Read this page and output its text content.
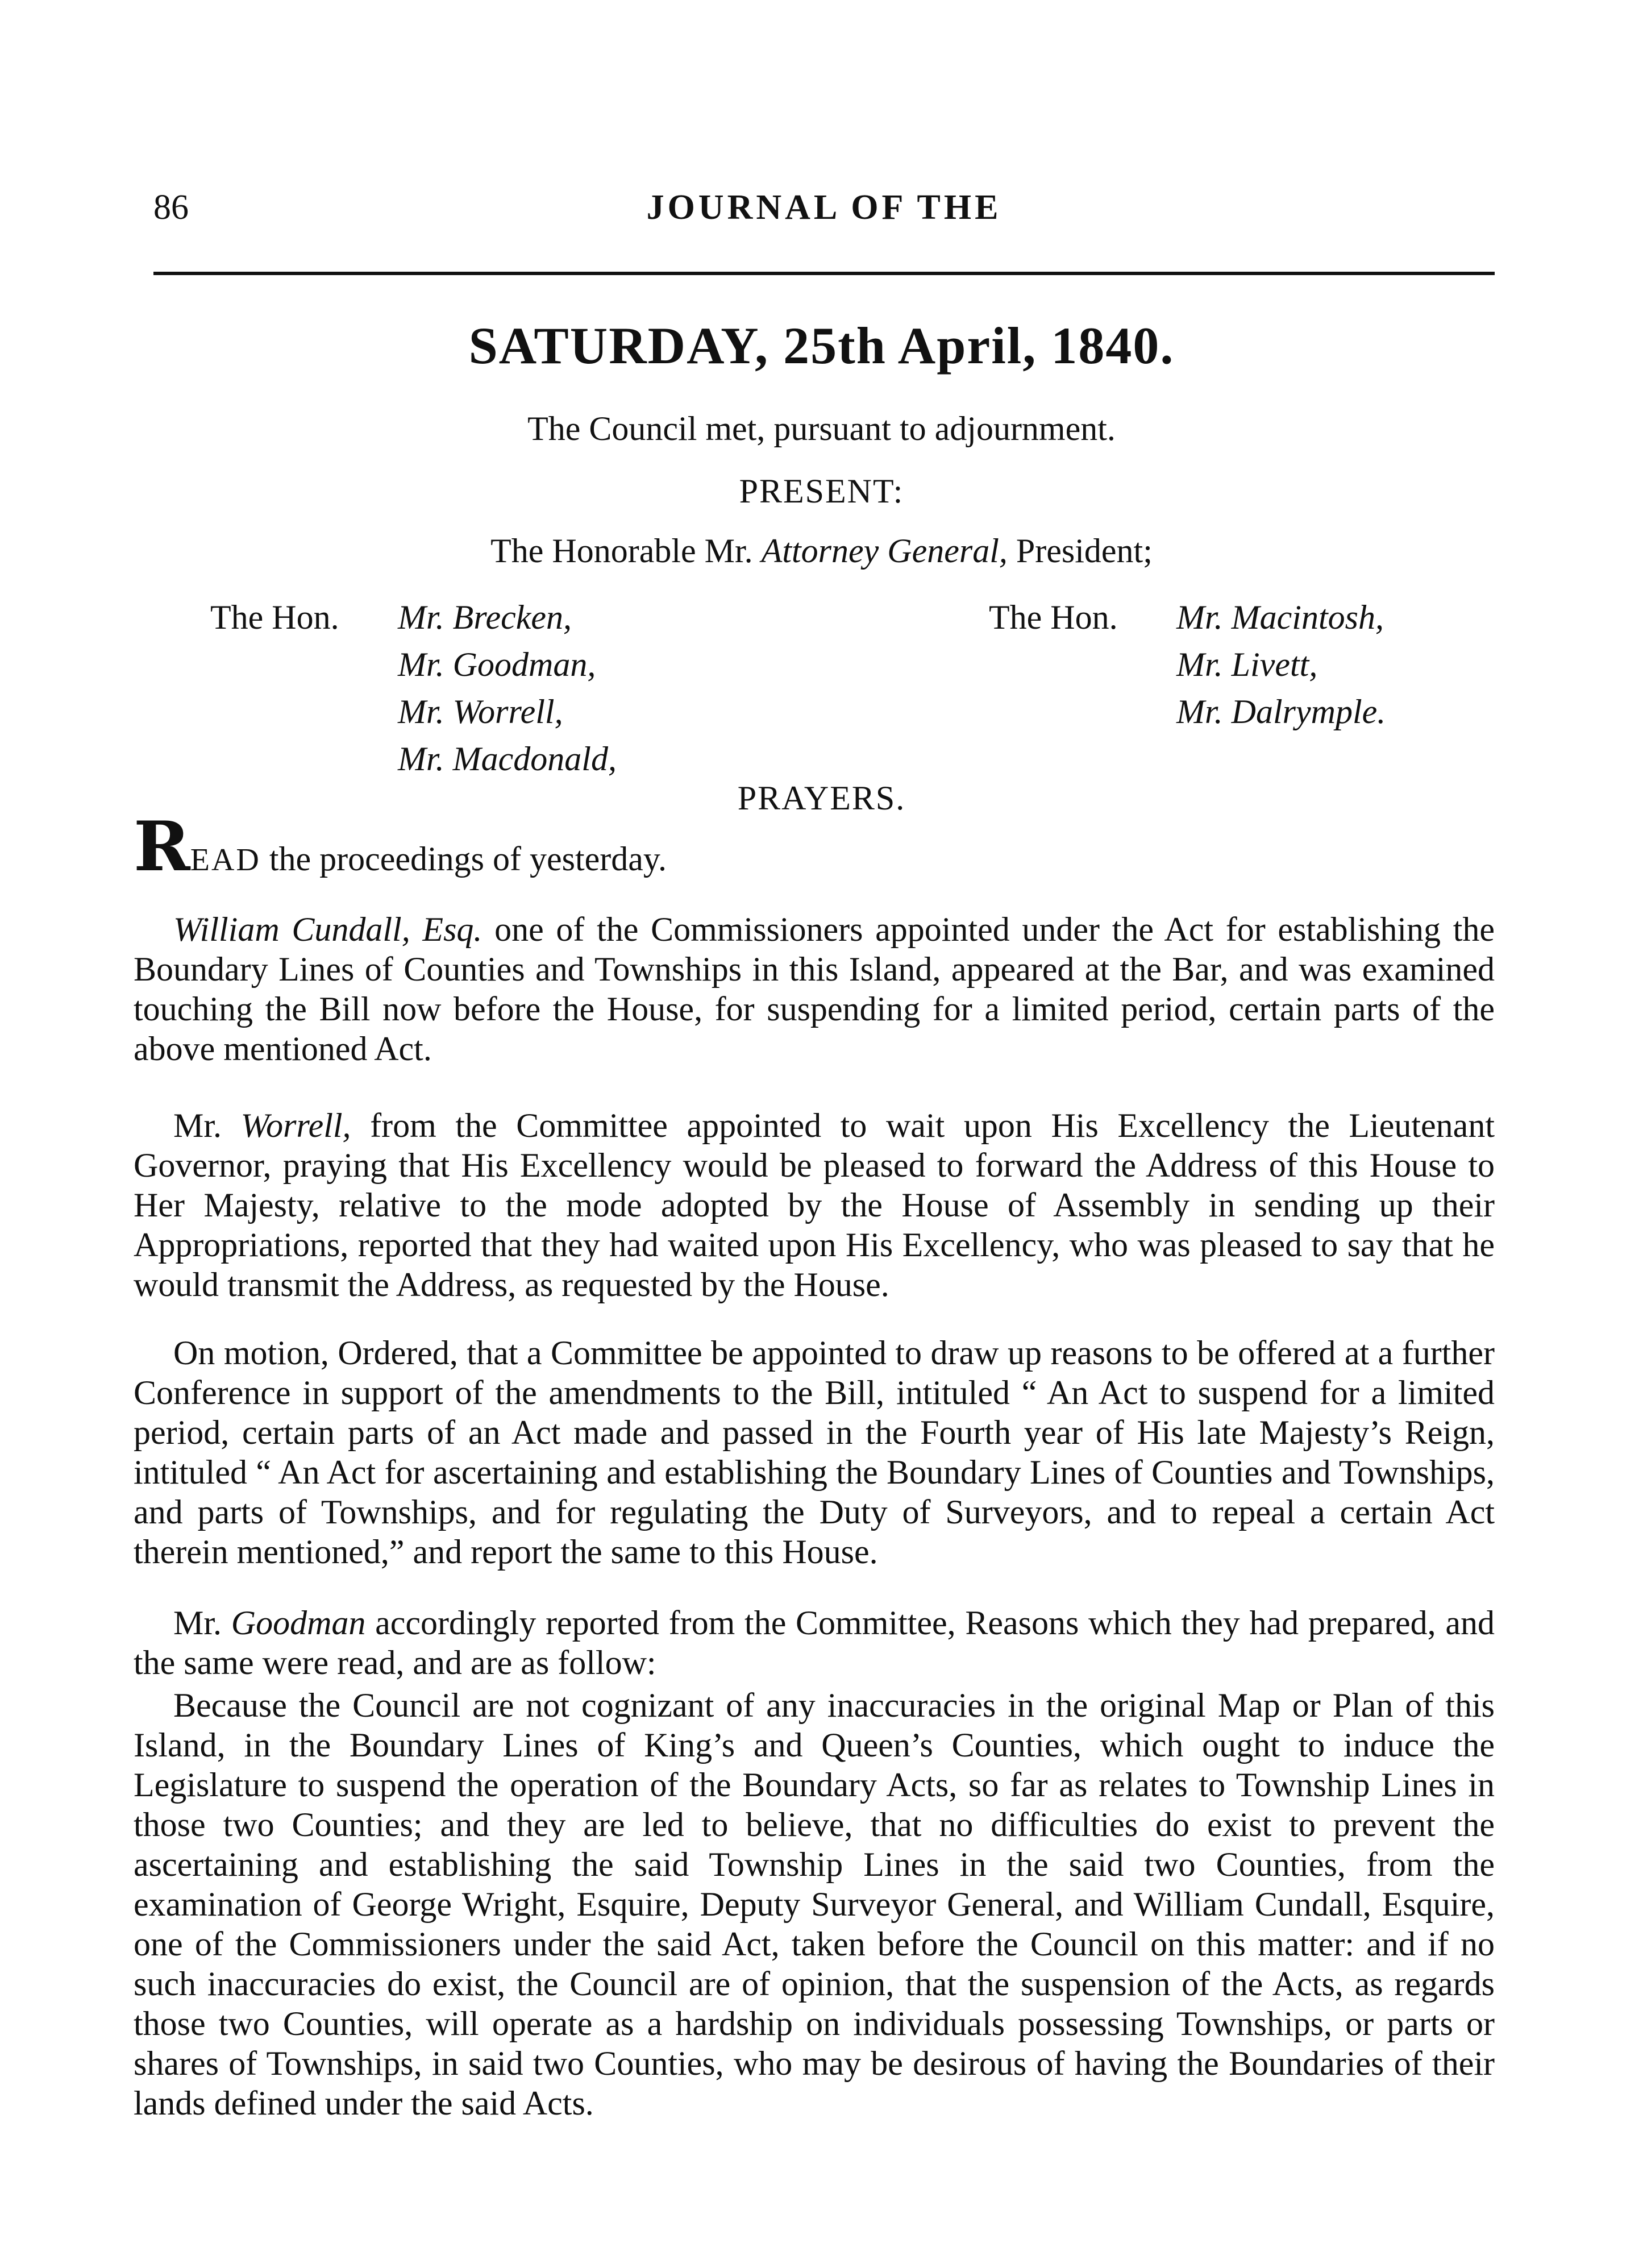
86	JOURNAL OF THE
SATURDAY, 25th April, 1840.
The Council met, pursuant to adjournment.
PRESENT:
The Honorable Mr. Attorney General, President;
The Hon. Mr. Brecken,
Mr. Goodman,
Mr. Worrell,
Mr. Macdonald,
The Hon. Mr. Macintosh,
Mr. Livett,
Mr. Dalrymple.
PRAYERS.

READ the proceedings of yesterday.

William Cundall, Esq. one of the Commissioners appointed under the Act for establishing the Boundary Lines of Counties and Townships in this Island, appeared at the Bar, and was examined touching the Bill now before the House, for suspending for a limited period, certain parts of the above mentioned Act.

Mr. Worrell, from the Committee appointed to wait upon His Excellency the Lieutenant Governor, praying that His Excellency would be pleased to forward the Address of this House to Her Majesty, relative to the mode adopted by the House of Assembly in sending up their Appropriations, reported that they had waited upon His Excellency, who was pleased to say that he would transmit the Address, as requested by the House.

On motion, Ordered, that a Committee be appointed to draw up reasons to be offered at a further Conference in support of the amendments to the Bill, intituled “ An Act to suspend for a limited period, certain parts of an Act made and passed in the Fourth year of His late Majesty’s Reign, intituled “ An Act for ascertaining and establishing the Boundary Lines of Counties and Townships, and parts of Townships, and for regulating the Duty of Surveyors, and to repeal a certain Act therein mentioned,” and report the same to this House.

Mr. Goodman accordingly reported from the Committee, Reasons which they had prepared, and the same were read, and are as follow:

Because the Council are not cognizant of any inaccuracies in the original Map or Plan of this Island, in the Boundary Lines of King’s and Queen’s Counties, which ought to induce the Legislature to suspend the operation of the Boundary Acts, so far as relates to Township Lines in those two Counties; and they are led to believe, that no difficulties do exist to prevent the ascertaining and establishing the said Township Lines in the said two Counties, from the examination of George Wright, Esquire, Deputy Surveyor General, and William Cundall, Esquire, one of the Commissioners under the said Act, taken before the Council on this matter: and if no such inaccuracies do exist, the Council are of opinion, that the suspension of the Acts, as regards those two Counties, will operate as a hardship on individuals possessing Townships, or parts or shares of Townships, in said two Counties, who may be desirous of having the Boundaries of their lands defined under the said Acts.
